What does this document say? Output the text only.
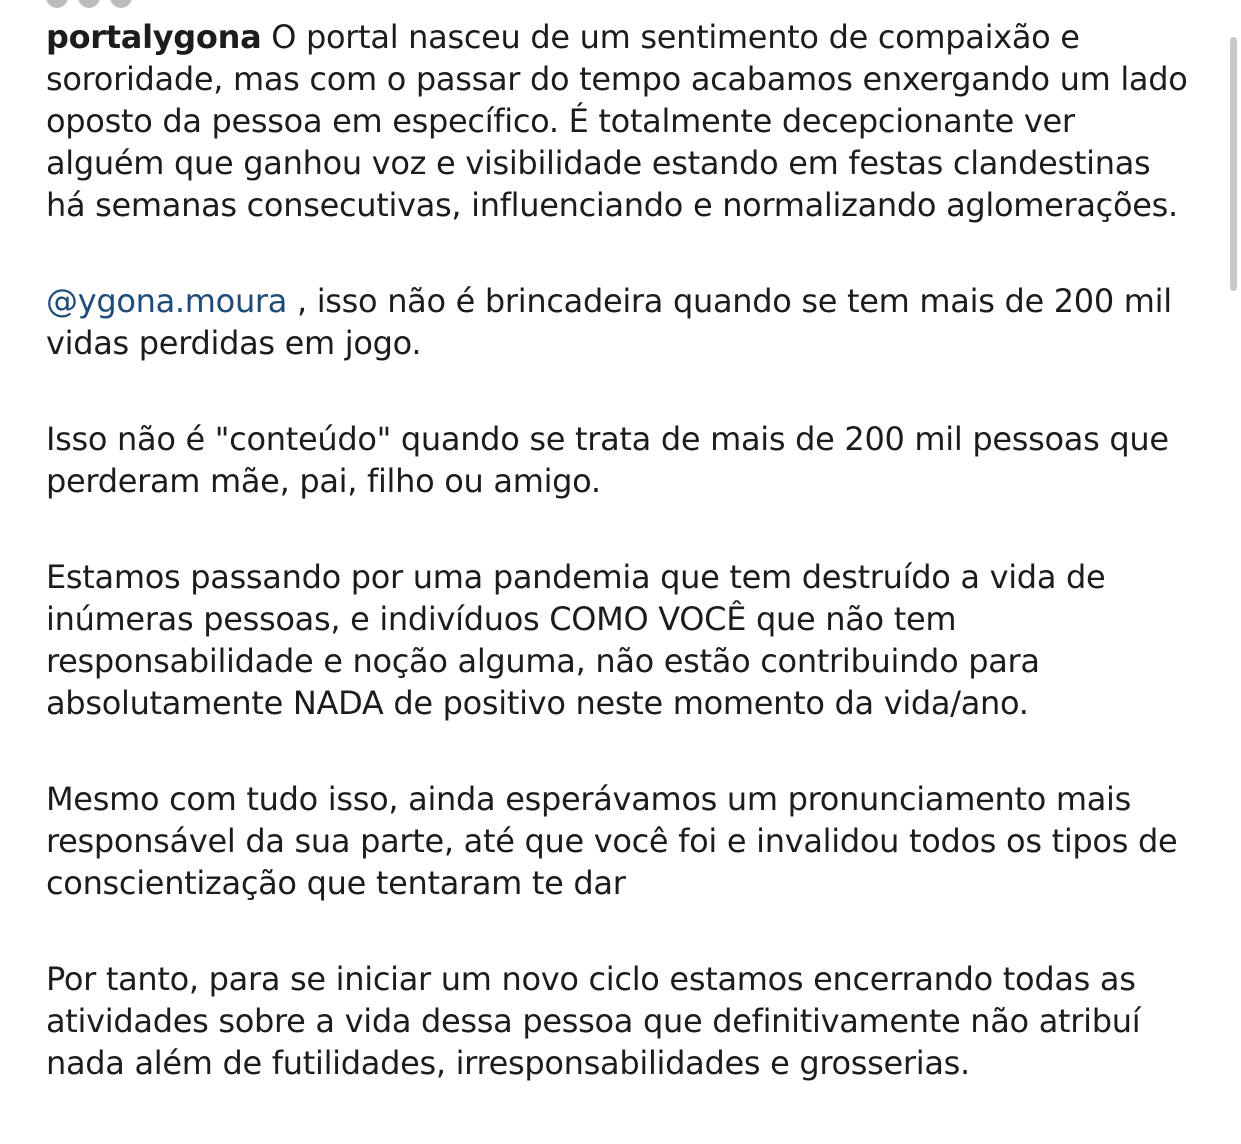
portalygona O portal nasceu de um sentimento de compaixão e sororidade, mas com o passar do tempo acabamos enxergando um lado oposto da pessoa em específico. É totalmente decepcionante ver alguém que ganhou voz e visibilidade estando em festas clandestinas há semanas consecutivas, influenciando e normalizando aglomerações.

@ygona.moura , isso não é brincadeira quando se tem mais de 200 mil vidas perdidas em jogo.

Isso não é "conteúdo" quando se trata de mais de 200 mil pessoas que perderam mãe, pai, filho ou amigo.

Estamos passando por uma pandemia que tem destruído a vida de inúmeras pessoas, e indivíduos COMO VOCÊ que não tem responsabilidade e noção alguma, não estão contribuindo para absolutamente NADA de positivo neste momento da vida/ano.

Mesmo com tudo isso, ainda esperávamos um pronunciamento mais responsável da sua parte, até que você foi e invalidou todos os tipos de conscientização que tentaram te dar

Por tanto, para se iniciar um novo ciclo estamos encerrando todas as atividades sobre a vida dessa pessoa que definitivamente não atribuí nada além de futilidades, irresponsabilidades e grosserias.
